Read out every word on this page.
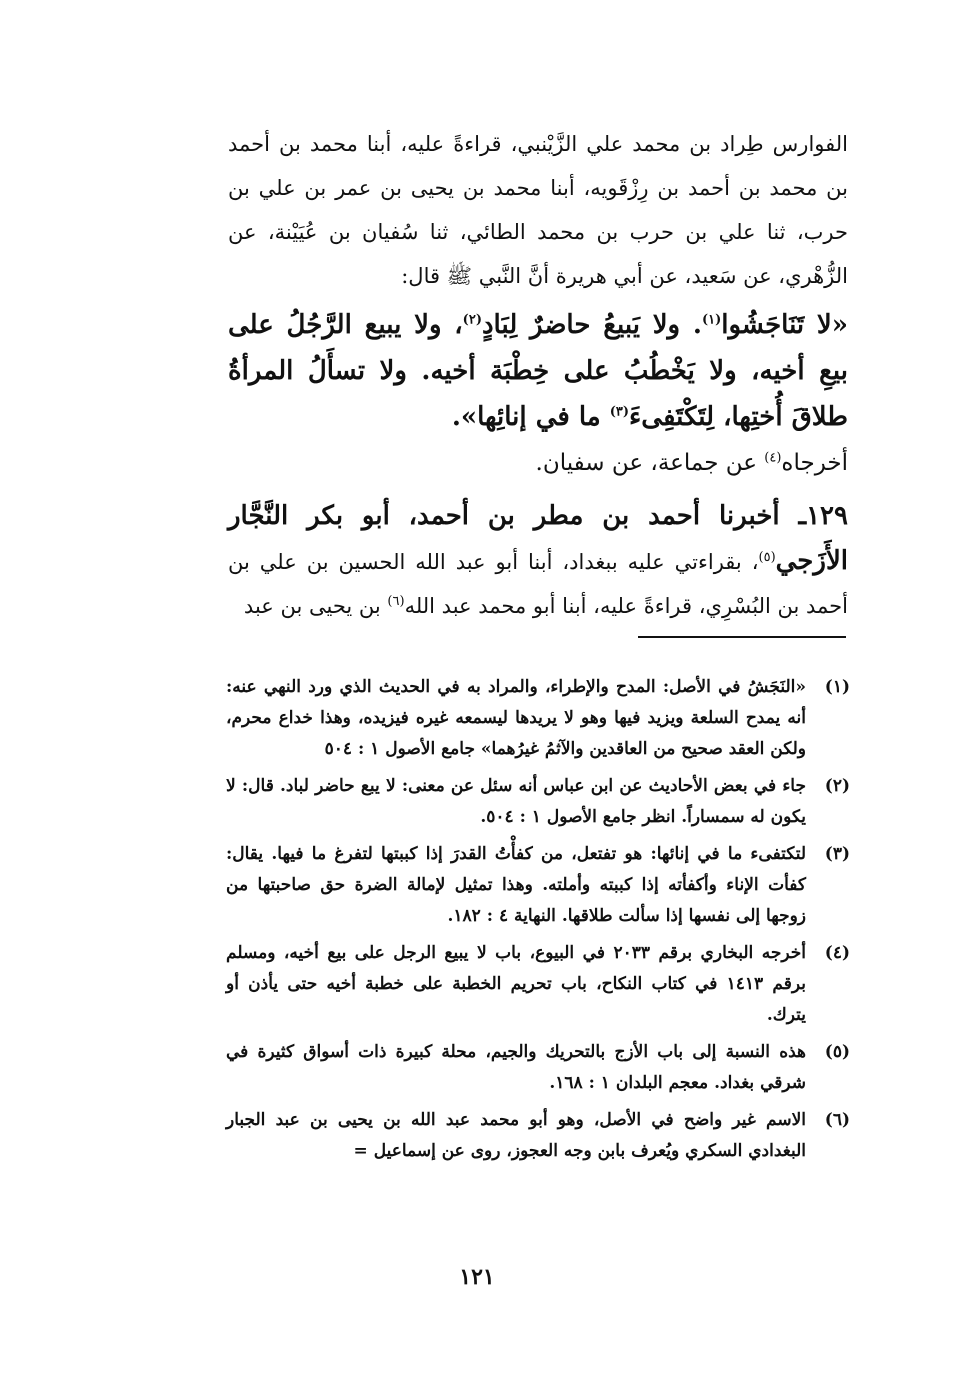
الفوارس طِراد بن محمد علي الزَّيْنبي، قراءةً عليه، أبنا محمد بن أحمد بن محمد بن أحمد بن رِزْقَويه، أبنا محمد بن يحيى بن عمر بن علي بن حرب، ثنا علي بن حرب بن محمد الطائي، ثنا سُفيان بن عُيَيْنة، عن الزُّهْري، عن سَعيد، عن أبي هريرة أنَّ النَّبي ﷺ قال:

«لا تَنَاجَشُوا$^{(١)}$. ولا يَبيعُ حاضرٌ لِبَادٍ$^{(٢)}$، ولا يبيع الرَّجُلُ على بيعِ أخيه، ولا يَخْطُبُ على خِطْبَة أخيه. ولا تسأَلُ المرأةُ طلاقَ أُختِها، لِتَكْتَفِىءَ$^{(٣)}$ ما في إنائِها».

أخرجاه$^{(٤)}$ عن جماعة، عن سفيان.

١٢٩ـ أخبرنا أحمد بن مطر بن أحمد، أبو بكر النَّجَّار الأَزَجي$^{(٥)}$، بقراءتي عليه ببغداد، أبنا أبو عبد الله الحسين بن علي بن أحمد بن البُسْرِي، قراءةً عليه، أبنا أبو محمد عبد الله$^{(٦)}$ بن يحيى بن عبد

(١)
«النَجَشُ في الأصل: المدح والإطراء، والمراد به في الحديث الذي ورد النهي عنه: أنه يمدح السلعة ويزيد فيها وهو لا يريدها ليسمعه غيره فيزيده، وهذا خداع محرم، ولكن العقد صحيح من العاقدين والآثمُ غيرُهما» جامع الأصول ١ : ٥٠٤
(٢)
جاء في بعض الأحاديث عن ابن عباس أنه سئل عن معنى: لا يبع حاضر لباد. قال: لا يكون له سمساراً. انظر جامع الأصول ١ : ٥٠٤.
(٣)
لتكتفىء ما في إنائها: هو تفتعل، من كفأْتُ القدرَ إذا كببتها لتفرغ ما فيها. يقال: كفأت الإناء وأكفأته إذا كببته وأملته. وهذا تمثيل لإمالة الضرة حق صاحبتها من زوجها إلى نفسها إذا سألت طلاقها. النهاية ٤ : ١٨٢.
(٤)
أخرجه البخاري برقم ٢٠٣٣ في البيوع، باب لا يبيع الرجل على بيع أخيه، ومسلم برقم ١٤١٣ في كتاب النكاح، باب تحريم الخطبة على خطبة أخيه حتى يأذن أو يترك.
(٥)
هذه النسبة إلى باب الأزج بالتحريك والجيم، محلة كبيرة ذات أسواق كثيرة في شرقي بغداد. معجم البلدان ١ : ١٦٨.
(٦)
الاسم غير واضح في الأصل، وهو أبو محمد عبد الله بن يحيى بن عبد الجبار البغدادي السكري ويُعرف بابن وجه العجوز، روى عن إسماعيل =
١٢١
